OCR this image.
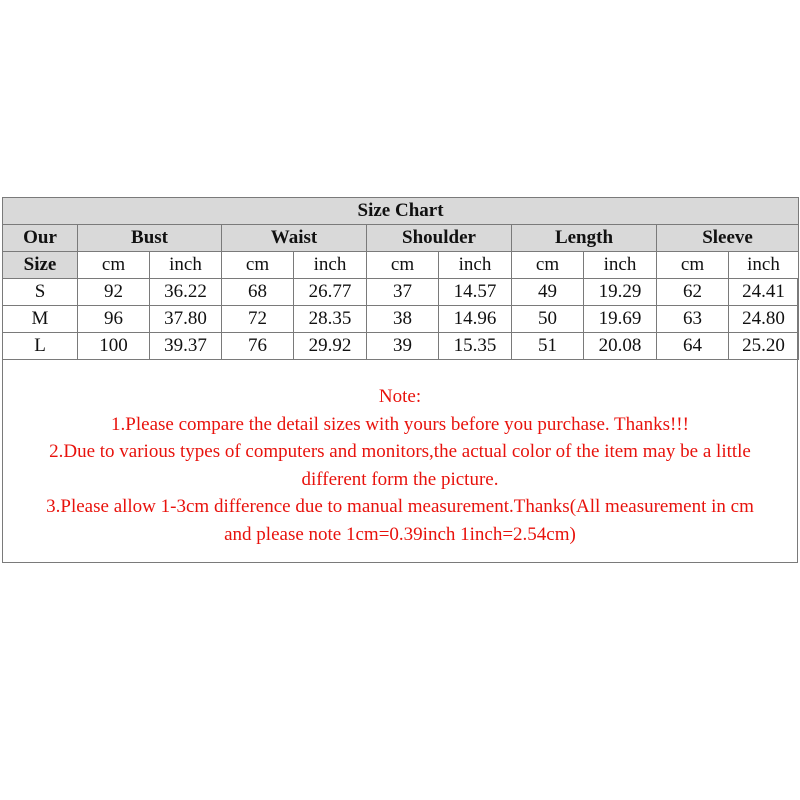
Size Chart										
Our	Bust		Waist		Shoulder		Length		Sleeve	
Size	cm	inch	cm	inch	cm	inch	cm	inch	cm	inch
S	92	36.22	68	26.77	37	14.57	49	19.29	62	24.41
M	96	37.80	72	28.35	38	14.96	50	19.69	63	24.80
L	100	39.37	76	29.92	39	15.35	51	20.08	64	25.20
Note:
1.Please compare the detail sizes with yours before you purchase. Thanks!!!
2.Due to various types of computers and monitors,the actual color of the item may be a little
different form the picture.
3.Please allow 1-3cm difference due to manual measurement.Thanks(All measurement in cm
and please note 1cm=0.39inch 1inch=2.54cm)
